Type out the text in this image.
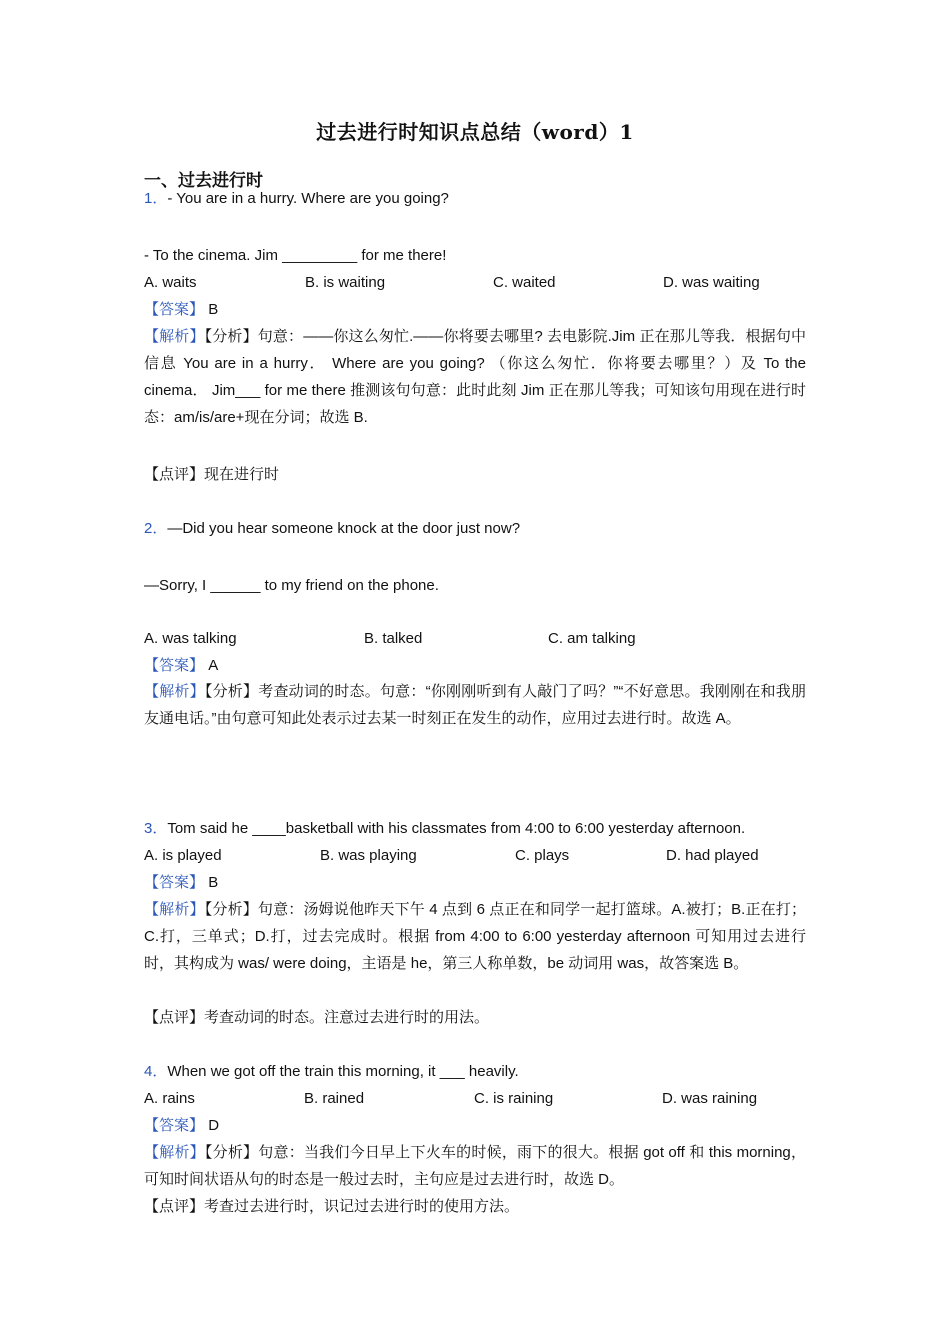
过去进行时知识点总结（word）1
一、过去进行时
1．- You are in a hurry. Where are you going?
- To the cinema. Jim _________ for me there!
A. waits	B. is waiting	C. waited	D. was waiting
【答案】 B
【解析】【分析】句意：——你这么匆忙.——你将要去哪里? 去电影院.Jim 正在那儿等我．根据句中信息 You are in a hurry． Where are you going? （你这么匆忙．你将要去哪里？）及 To the cinema． Jim___ for me there 推测该句句意：此时此刻 Jim 正在那儿等我；可知该句用现在进行时态：am/is/are+现在分词；故选 B.
【点评】现在进行时
2．—Did you hear someone knock at the door just now?
—Sorry, I ______ to my friend on the phone.
A. was talking	B. talked	C. am talking
【答案】 A
【解析】【分析】考查动词的时态。句意：“你刚刚听到有人敲门了吗？”“不好意思。我刚刚在和我朋友通电话。”由句意可知此处表示过去某一时刻正在发生的动作，应用过去进行时。故选 A。
3．Tom said he ____basketball with his classmates from 4:00 to 6:00 yesterday afternoon.
A. is played	B. was playing	C. plays	D. had played
【答案】 B
【解析】【分析】句意：汤姆说他昨天下午 4 点到 6 点正在和同学一起打篮球。A.被打；B.正在打；C.打，三单式；D.打，过去完成时。根据 from 4:00 to 6:00 yesterday afternoon 可知用过去进行时，其构成为 was/ were doing，主语是 he，第三人称单数，be 动词用 was，故答案选 B。
【点评】考查动词的时态。注意过去进行时的用法。
4．When we got off the train this morning, it ___ heavily.
A. rains	B. rained	C. is raining	D. was raining
【答案】 D
【解析】【分析】句意：当我们今日早上下火车的时候，雨下的很大。根据 got off 和 this morning，可知时间状语从句的时态是一般过去时，主句应是过去进行时，故选 D。
【点评】考查过去进行时，识记过去进行时的使用方法。
